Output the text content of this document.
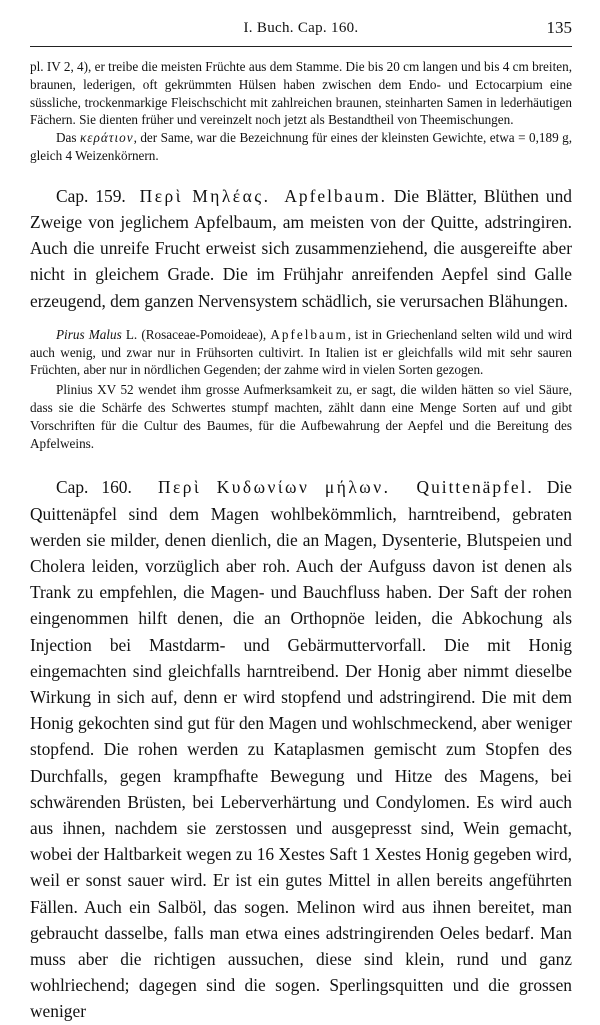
I. Buch. Cap. 160.	135

pl. IV 2, 4), er treibe die meisten Früchte aus dem Stamme. Die bis 20 cm langen und bis 4 cm breiten, braunen, lederigen, oft gekrümmten Hülsen haben zwischen dem Endo- und Ectocarpium eine süssliche, trockenmarkige Fleischschicht mit zahlreichen braunen, steinharten Samen in lederhäutigen Fächern. Sie dienten früher und vereinzelt noch jetzt als Bestandtheil von Theemischungen.

Das κεράτιον, der Same, war die Bezeichnung für eines der kleinsten Gewichte, etwa = 0,189 g, gleich 4 Weizenkörnern.

Cap. 159. Περὶ Μηλέας. Apfelbaum. Die Blätter, Blüthen und Zweige von jeglichem Apfelbaum, am meisten von der Quitte, adstringiren. Auch die unreife Frucht erweist sich zusammenziehend, die ausgereifte aber nicht in gleichem Grade. Die im Frühjahr anreifenden Aepfel sind Galle erzeugend, dem ganzen Nervensystem schädlich, sie verursachen Blähungen.

Pirus Malus L. (Rosaceae-Pomoideae), Apfelbaum, ist in Griechenland selten wild und wird auch wenig, und zwar nur in Frühsorten cultivirt. In Italien ist er gleichfalls wild mit sehr sauren Früchten, aber nur in nördlichen Gegenden; der zahme wird in vielen Sorten gezogen.

Plinius XV 52 wendet ihm grosse Aufmerksamkeit zu, er sagt, die wilden hätten so viel Säure, dass sie die Schärfe des Schwertes stumpf machten, zählt dann eine Menge Sorten auf und gibt Vorschriften für die Cultur des Baumes, für die Aufbewahrung der Aepfel und die Bereitung des Apfelweins.

Cap. 160. Περὶ Κυδωνίων μήλων. Quittenäpfel. Die Quittenäpfel sind dem Magen wohlbekömmlich, harntreibend, gebraten werden sie milder, denen dienlich, die an Magen, Dysenterie, Blutspeien und Cholera leiden, vorzüglich aber roh. Auch der Aufguss davon ist denen als Trank zu empfehlen, die Magen- und Bauchfluss haben. Der Saft der rohen eingenommen hilft denen, die an Orthopnöe leiden, die Abkochung als Injection bei Mastdarm- und Gebärmuttervorfall. Die mit Honig eingemachten sind gleichfalls harntreibend. Der Honig aber nimmt dieselbe Wirkung in sich auf, denn er wird stopfend und adstringirend. Die mit dem Honig gekochten sind gut für den Magen und wohlschmeckend, aber weniger stopfend. Die rohen werden zu Kataplasmen gemischt zum Stopfen des Durchfalls, gegen krampfhafte Bewegung und Hitze des Magens, bei schwärenden Brüsten, bei Leberverhärtung und Condylomen. Es wird auch aus ihnen, nachdem sie zerstossen und ausgepresst sind, Wein gemacht, wobei der Haltbarkeit wegen zu 16 Xestes Saft 1 Xestes Honig gegeben wird, weil er sonst sauer wird. Er ist ein gutes Mittel in allen bereits angeführten Fällen. Auch ein Salböl, das sogen. Melinon wird aus ihnen bereitet, man gebraucht dasselbe, falls man etwa eines adstringirenden Oeles bedarf. Man muss aber die richtigen aussuchen, diese sind klein, rund und ganz wohlriechend; dagegen sind die sogen. Sperlingsquitten und die grossen weniger
